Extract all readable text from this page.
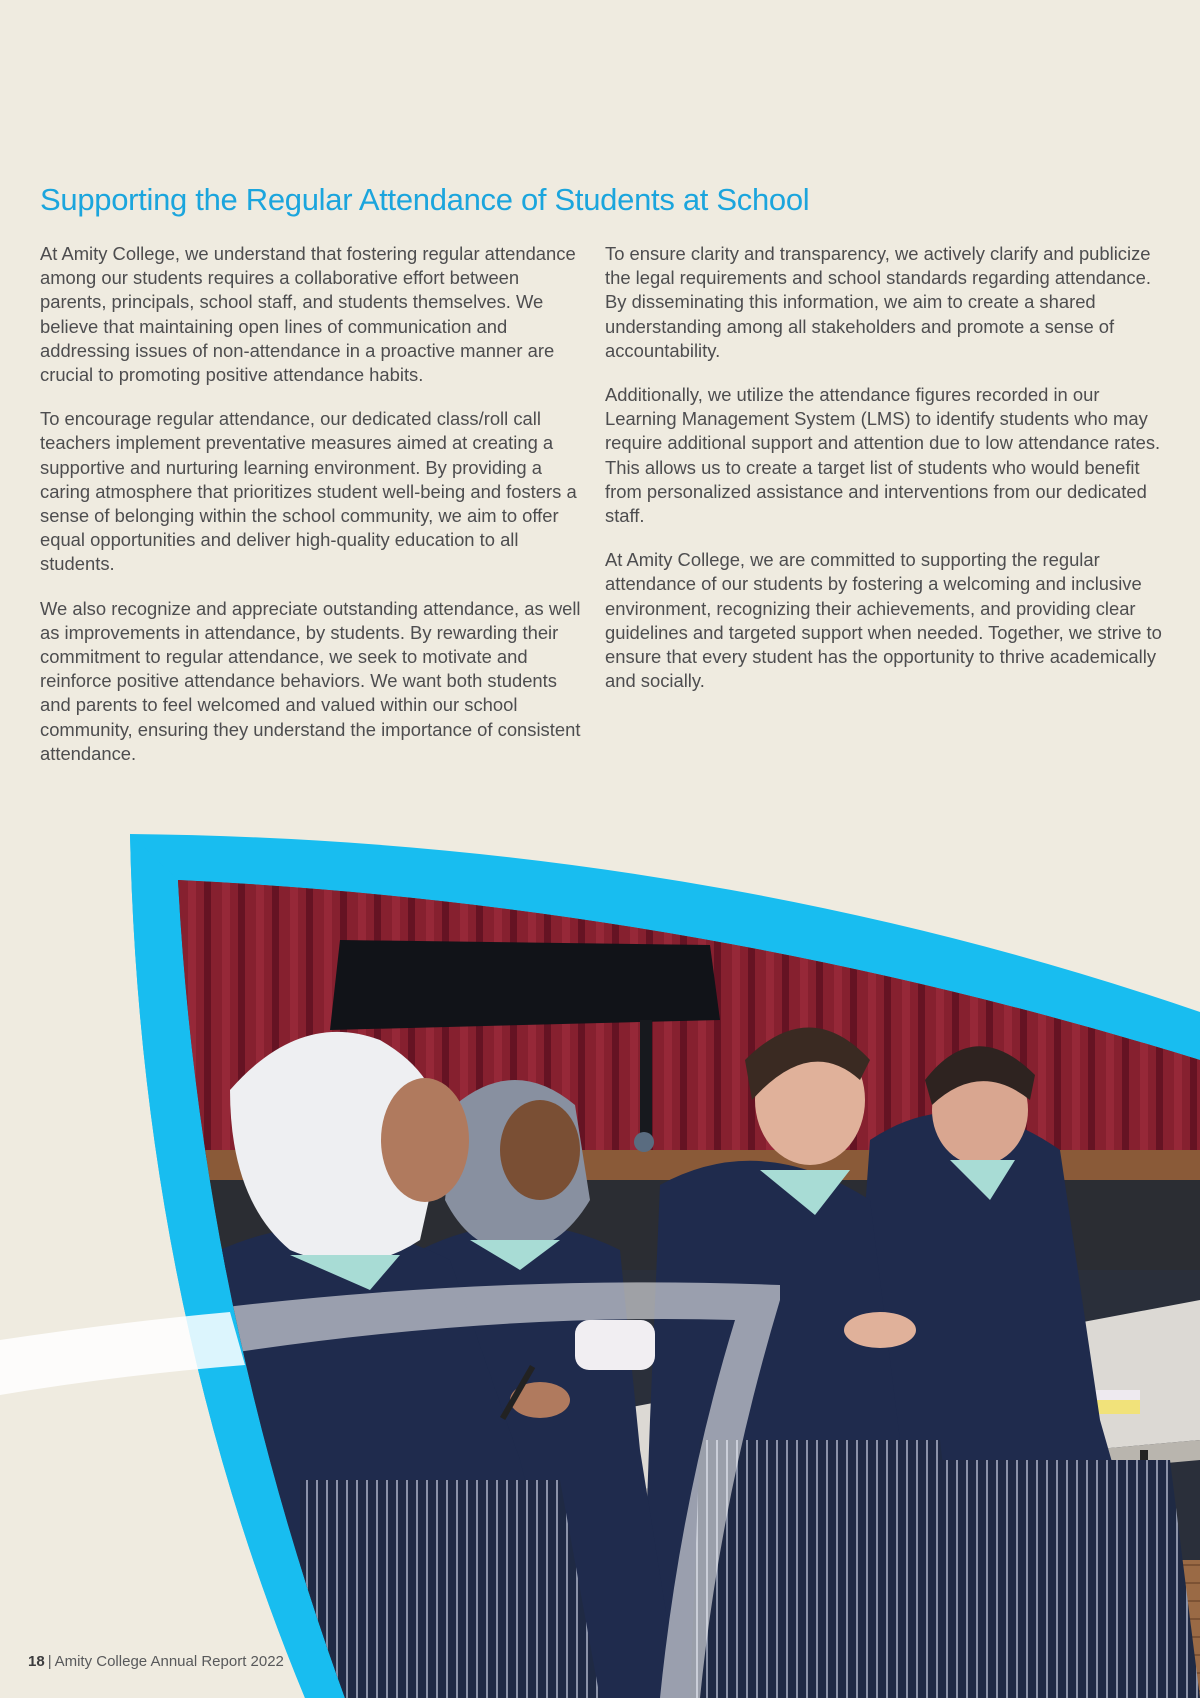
Supporting the Regular Attendance of Students at School

At Amity College, we understand that fostering regular attendance among our students requires a collaborative effort between parents, principals, school staff, and students themselves. We believe that maintaining open lines of communication and addressing issues of non-attendance in a proactive manner are crucial to promoting positive attendance habits.

To encourage regular attendance, our dedicated class/roll call teachers implement preventative measures aimed at creating a supportive and nurturing learning environment. By providing a caring atmosphere that prioritizes student well-being and fosters a sense of belonging within the school community, we aim to offer equal opportunities and deliver high-quality education to all students.

We also recognize and appreciate outstanding attendance, as well as improvements in attendance, by students. By rewarding their commitment to regular attendance, we seek to motivate and reinforce positive attendance behaviors. We want both students and parents to feel welcomed and valued within our school community, ensuring they understand the importance of consistent attendance.

To ensure clarity and transparency, we actively clarify and publicize the legal requirements and school standards regarding attendance. By disseminating this information, we aim to create a shared understanding among all stakeholders and promote a sense of accountability.

Additionally, we utilize the attendance figures recorded in our Learning Management System (LMS) to identify students who may require additional support and attention due to low attendance rates. This allows us to create a target list of students who would benefit from personalized assistance and interventions from our dedicated staff.

At Amity College, we are committed to supporting the regular attendance of our students by fostering a welcoming and inclusive environment, recognizing their achievements, and providing clear guidelines and targeted support when needed. Together, we strive to ensure that every student has the opportunity to thrive academically and socially.

18 | Amity College Annual Report 2022
